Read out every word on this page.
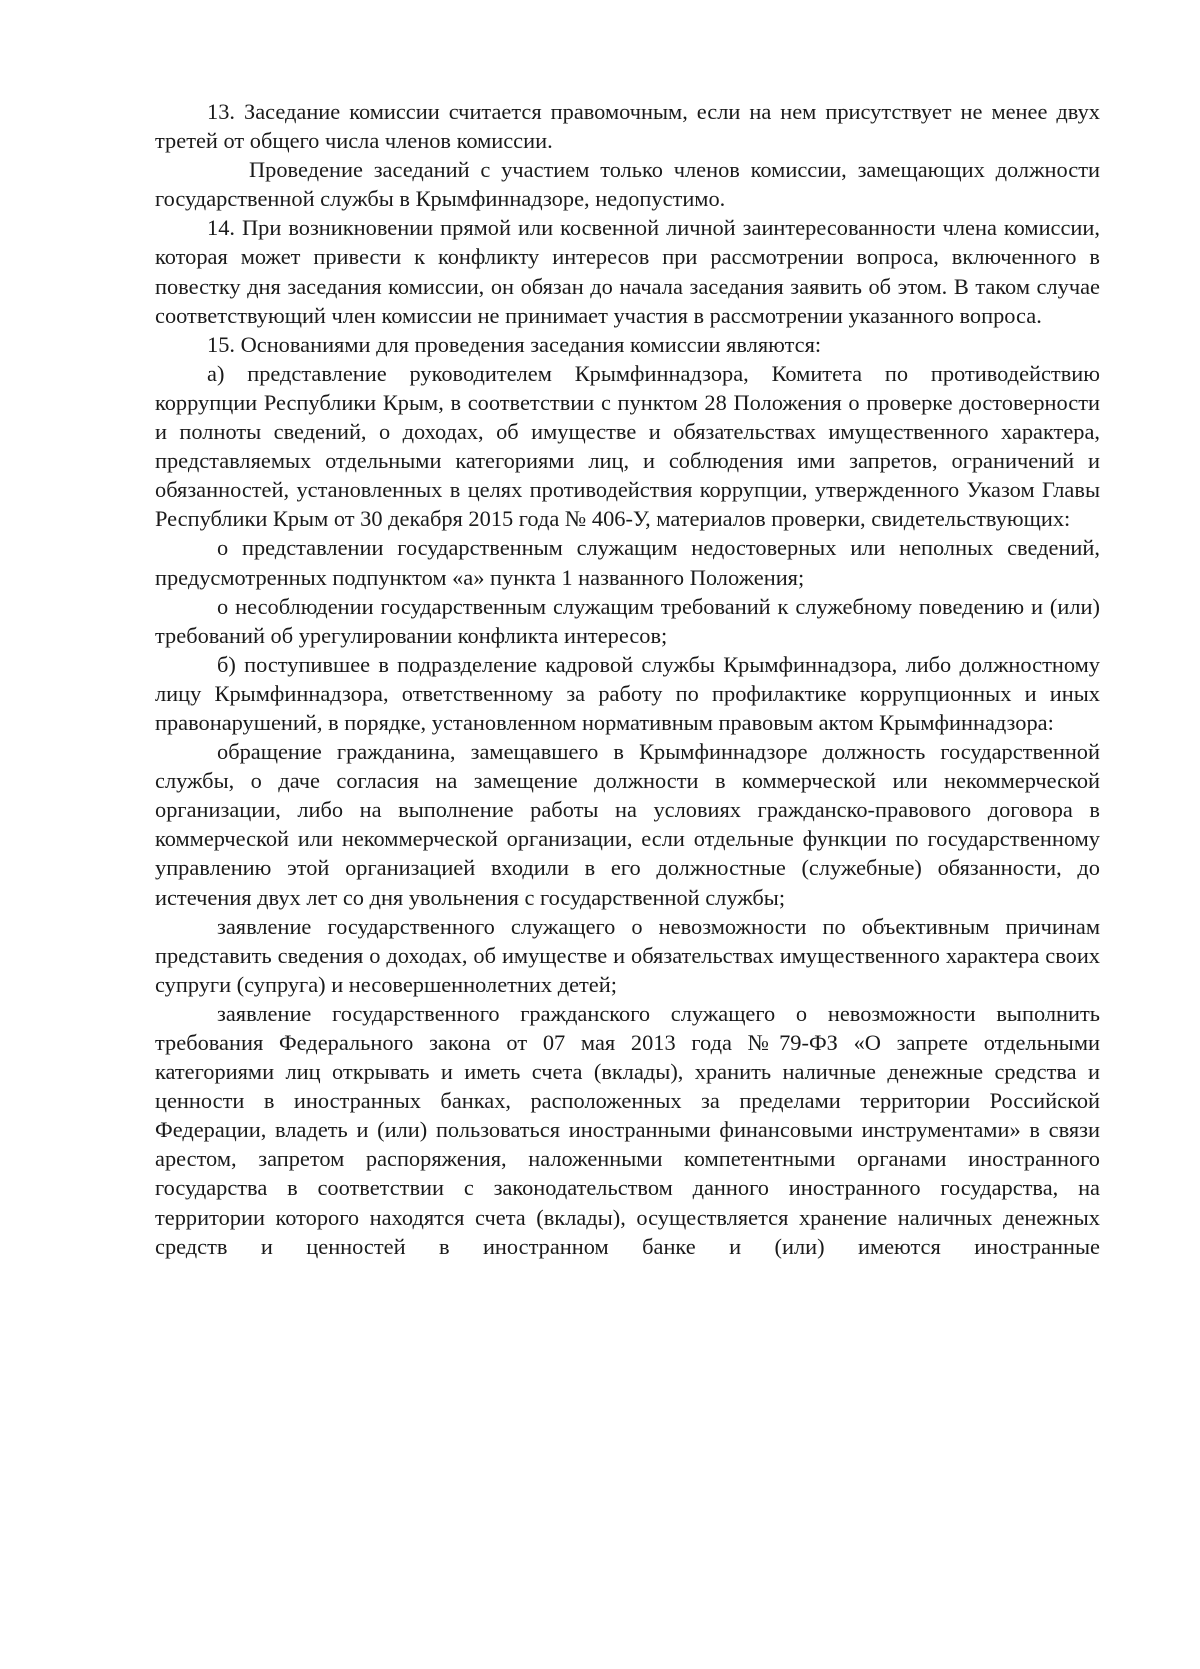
13. Заседание комиссии считается правомочным, если на нем присутствует не менее двух третей от общего числа членов комиссии.

Проведение заседаний с участием только членов комиссии, замещающих должности государственной службы в Крымфиннадзоре, недопустимо.

14. При возникновении прямой или косвенной личной заинтересованности члена комиссии, которая может привести к конфликту интересов при рассмотрении вопроса, включенного в повестку дня заседания комиссии, он обязан до начала заседания заявить об этом. В таком случае соответствующий член комиссии не принимает участия в рассмотрении указанного вопроса.

15. Основаниями для проведения заседания комиссии являются:

а) представление руководителем Крымфиннадзора, Комитета по противодействию коррупции Республики Крым, в соответствии с пунктом 28 Положения о проверке достоверности и полноты сведений, о доходах, об имуществе и обязательствах имущественного характера, представляемых отдельными категориями лиц, и соблюдения ими запретов, ограничений и обязанностей, установленных в целях противодействия коррупции, утвержденного Указом Главы Республики Крым от 30 декабря 2015 года № 406-У, материалов проверки, свидетельствующих:

о представлении государственным служащим недостоверных или неполных сведений, предусмотренных подпунктом «а» пункта 1 названного Положения;

о несоблюдении государственным служащим требований к служебному поведению и (или) требований об урегулировании конфликта интересов;

б) поступившее в подразделение кадровой службы Крымфиннадзора, либо должностному лицу Крымфиннадзора, ответственному за работу по профилактике коррупционных и иных правонарушений, в порядке, установленном нормативным правовым актом Крымфиннадзора:

обращение гражданина, замещавшего в Крымфиннадзоре должность государственной службы, о даче согласия на замещение должности в коммерческой или некоммерческой организации, либо на выполнение работы на условиях гражданско-правового договора в коммерческой или некоммерческой организации, если отдельные функции по государственному управлению этой организацией входили в его должностные (служебные) обязанности, до истечения двух лет со дня увольнения с государственной службы;

заявление государственного служащего о невозможности по объективным причинам представить сведения о доходах, об имуществе и обязательствах имущественного характера своих супруги (супруга) и несовершеннолетних детей;

заявление государственного гражданского служащего о невозможности выполнить требования Федерального закона от 07 мая 2013 года №79-ФЗ «О запрете отдельными категориями лиц открывать и иметь счета (вклады), хранить наличные денежные средства и ценности в иностранных банках, расположенных за пределами территории Российской Федерации, владеть и (или) пользоваться иностранными финансовыми инструментами» в связи арестом, запретом распоряжения, наложенными компетентными органами иностранного государства в соответствии с законодательством данного иностранного государства, на территории которого находятся счета (вклады), осуществляется хранение наличных денежных средств и ценностей в иностранном банке и (или) имеются иностранные
